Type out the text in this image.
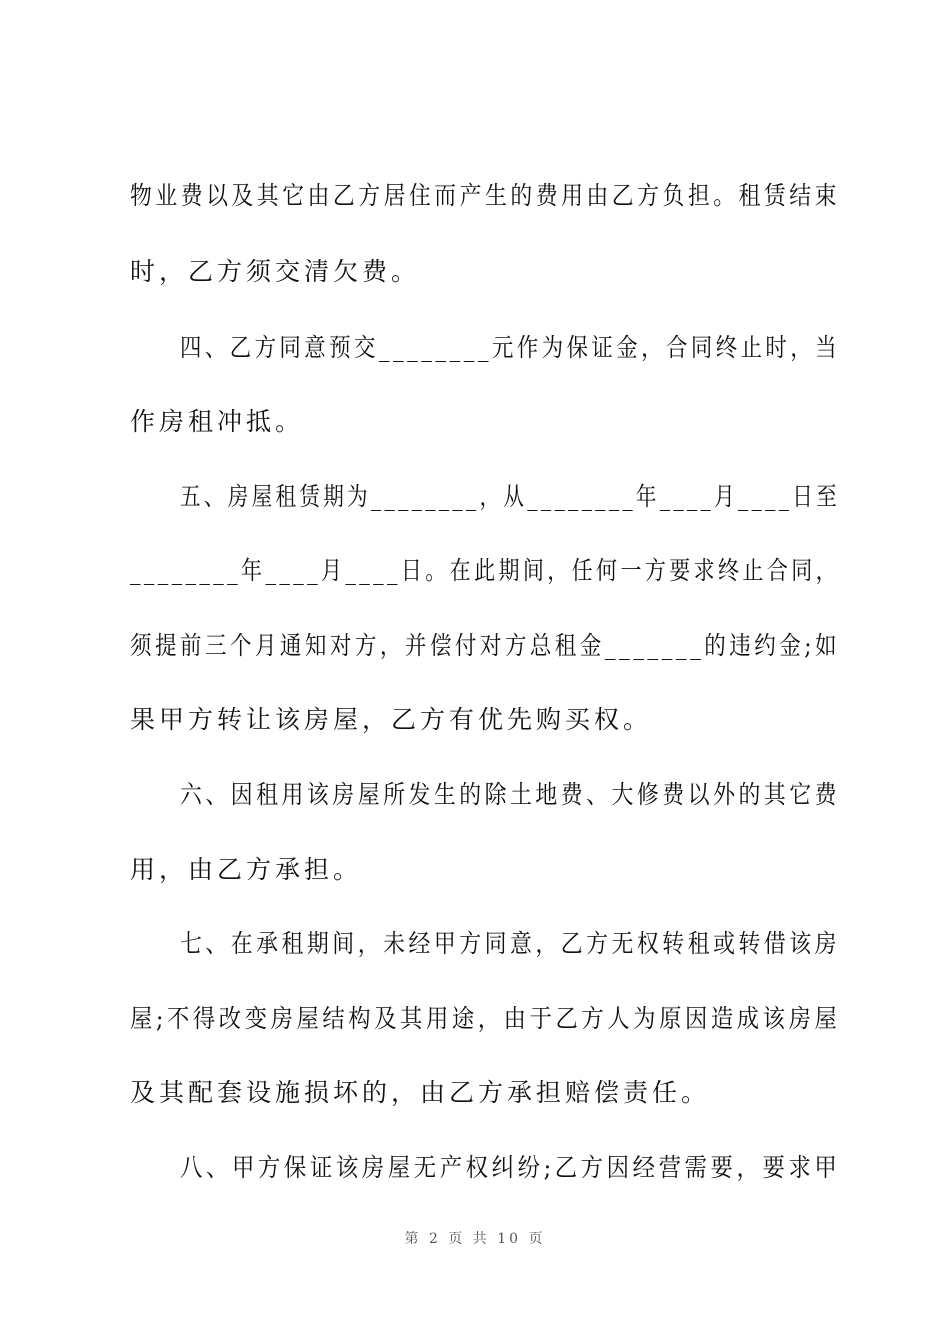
物业费以及其它由乙方居住而产生的费用由乙方负担。租赁结束
时，乙方须交清欠费。
四、乙方同意预交________元作为保证金，合同终止时，当
作房租冲抵。
五、房屋租赁期为________，从________年____月____日至
________年____月____日。在此期间，任何一方要求终止合同，
须提前三个月通知对方，并偿付对方总租金_______的违约金;如
果甲方转让该房屋，乙方有优先购买权。
六、因租用该房屋所发生的除土地费、大修费以外的其它费
用，由乙方承担。
七、在承租期间，未经甲方同意，乙方无权转租或转借该房
屋;不得改变房屋结构及其用途，由于乙方人为原因造成该房屋
及其配套设施损坏的，由乙方承担赔偿责任。
八、甲方保证该房屋无产权纠纷;乙方因经营需要，要求甲
第 2 页 共 10 页
